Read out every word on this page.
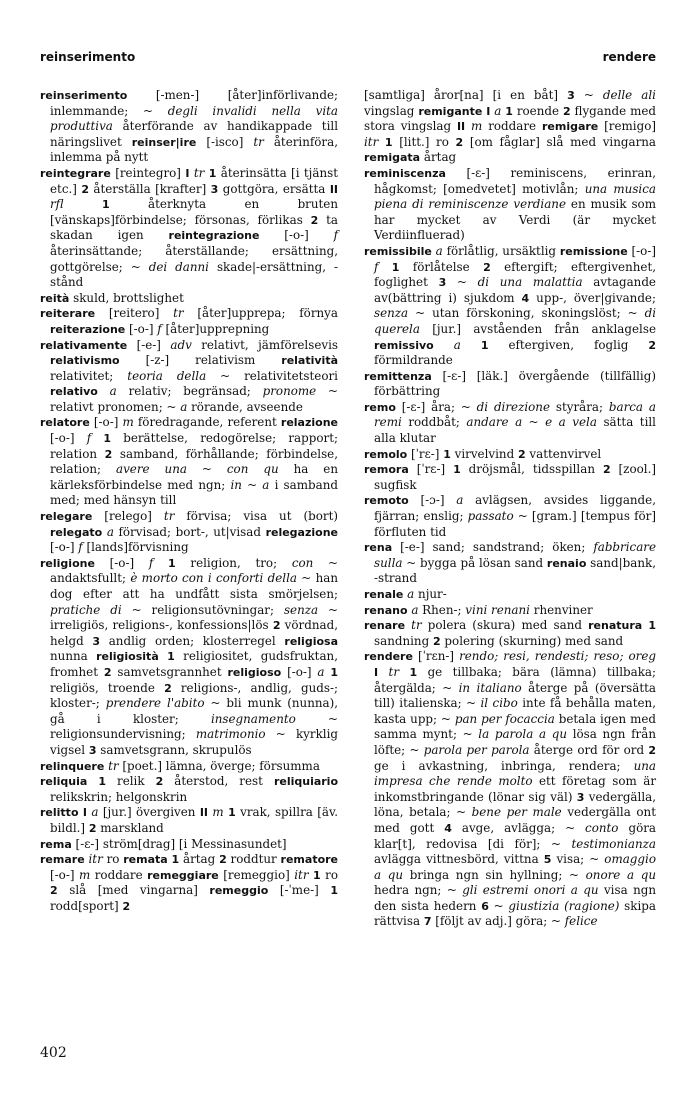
reinserimento	rendere

reinserimento [-men-] [åter]införlivande; inlemmande; ~ degli invalidi nella vita produttiva återförande av handikappade till näringslivet reinser|ire [-isco] tr återinföra, inlemma på nytt

reintegrare [reintegro] I tr 1 återinsätta [i tjänst etc.] 2 återställa [krafter] 3 gottgöra, ersätta II rfl	1 återknyta en bruten [vänskaps]förbindelse; försonas, förlikas 2 ta skadan igen reintegrazione [-o-] f återinsättande; återställande; ersättning, gottgörelse; ~ dei danni skade|-ersättning, -stånd

reità skuld, brottslighet

reiterare [reitero] tr [åter]upprepa; förnya reiterazione [-o-] f [åter]upprepning

relativamente [-e-] adv relativt, jämförelsevis relativismo [-z-] relativism relatività relativitet; teoria della ~ relativitetsteori relativo a relativ; begränsad; pronome ~ relativt pronomen; ~ a rörande, avseende

relatore [-o-] m föredragande, referent relazione [-o-] f 1 berättelse, redogörelse; rapport; relation 2 samband, förhållande; förbindelse, relation; avere una ~ con qu ha en kärleksförbindelse med ngn; in ~ a i samband med; med hänsyn till

relegare [relego] tr förvisa; visa ut (bort) relegato a förvisad; bort-, ut|visad relegazione [-o-] f [lands]förvisning

religione [-o-] f 1 religion, tro; con ~ andaktsfullt; è morto con i conforti della ~ han dog efter att ha undfått sista smörjelsen; pratiche di ~ religionsutövningar; senza ~ irreligiös, religions-, konfessions|lös 2 vördnad, helgd 3 andlig orden; klosterregel religiosa nunna religiosità 1 religiositet, gudsfruktan, fromhet 2 samvetsgrannhet religioso [-o-] a 1 religiös, troende 2 religions-, andlig, guds-; kloster-; prendere l'abito ~ bli munk (nunna), gå i kloster; insegnamento ~ religionsundervisning; matrimonio ~ kyrklig vigsel 3 samvetsgrann, skrupulös

relinquere tr [poet.] lämna, överge; försumma

reliquia 1 relik 2 återstod, rest reliquiario relikskrin; helgonskrin

relitto I a [jur.] övergiven II m 1 vrak, spillra [äv. bildl.] 2 marskland

rema [-ɛ-] ström[drag] [i Messinasundet]

remare itr ro remata 1 årtag 2 roddtur rematore [-o-] m roddare remeggiare [remeggio] itr 1 ro 2 slå [med vingarna] remeggio [-ˈme-] 1 rodd[sport] 2

[samtliga] åror[na] [i en båt] 3 ~ delle ali vingslag remigante I a 1 roende 2 flygande med stora vingslag II m roddare remigare [remigo] itr 1 [litt.] ro 2 [om fåglar] slå med vingarna remigata årtag

reminiscenza [-ɛ-] reminiscens, erinran, hågkomst; [omedvetet] motivlån; una musica piena di reminiscenze verdiane en musik som har mycket av Verdi (är mycket Verdiinfluerad)

remissibile a förlåtlig, ursäktlig remissione [-o-] f 1 förlåtelse 2 eftergift; eftergivenhet, foglighet 3 ~ di una malattia avtagande av(bättring i) sjukdom 4 upp-, över|givande; senza ~ utan förskoning, skoningslöst; ~ di querela [jur.] avståenden från anklagelse remissivo a 1 eftergiven, foglig 2 förmildrande

remittenza [-ɛ-] [läk.] övergående (tillfällig) förbättring

remo [-ɛ-] åra; ~ di direzione styråra; barca a remi roddbåt; andare a ~ e a vela sätta till alla klutar

remolo [ˈrɛ-] 1 virvelvind 2 vattenvirvel

remora [ˈrɛ-] 1 dröjsmål, tidsspillan 2 [zool.] sugfisk

remoto [-ɔ-] a avlägsen, avsides liggande, fjärran; enslig; passato ~ [gram.] [tempus för] förfluten tid

rena [-e-] sand; sandstrand; öken; fabbricare sulla ~ bygga på lösan sand renaio sand|bank, -strand

renale a njur-

renano a Rhen-; vini renani rhenviner

renare tr polera (skura) med sand renatura 1 sandning 2 polering (skurning) med sand

rendere [ˈrɛn-] rendo; resi, rendesti; reso; oreg I tr 1 ge tillbaka; bära (lämna) tillbaka; återgälda; ~ in italiano återge på (översätta till) italienska; ~ il cibo inte få behålla maten, kasta upp; ~ pan per focaccia betala igen med samma mynt; ~ la parola a qu lösa ngn från löfte; ~ parola per parola återge ord för ord 2 ge i avkastning, inbringa, rendera; una impresa che rende molto ett företag som är inkomstbringande (lönar sig väl) 3 vedergälla, löna, betala; ~ bene per male vedergälla ont med gott 4 avge, avlägga; ~ conto göra klar[t], redovisa [di för]; ~ testimonianza avlägga vittnesbörd, vittna 5 visa; ~ omaggio a qu bringa ngn sin hyllning; ~ onore a qu hedra ngn; ~ gli estremi onori a qu visa ngn den sista hedern 6 ~ giustizia (ragione) skipa rättvisa 7 [följt av adj.] göra; ~ felice

402
